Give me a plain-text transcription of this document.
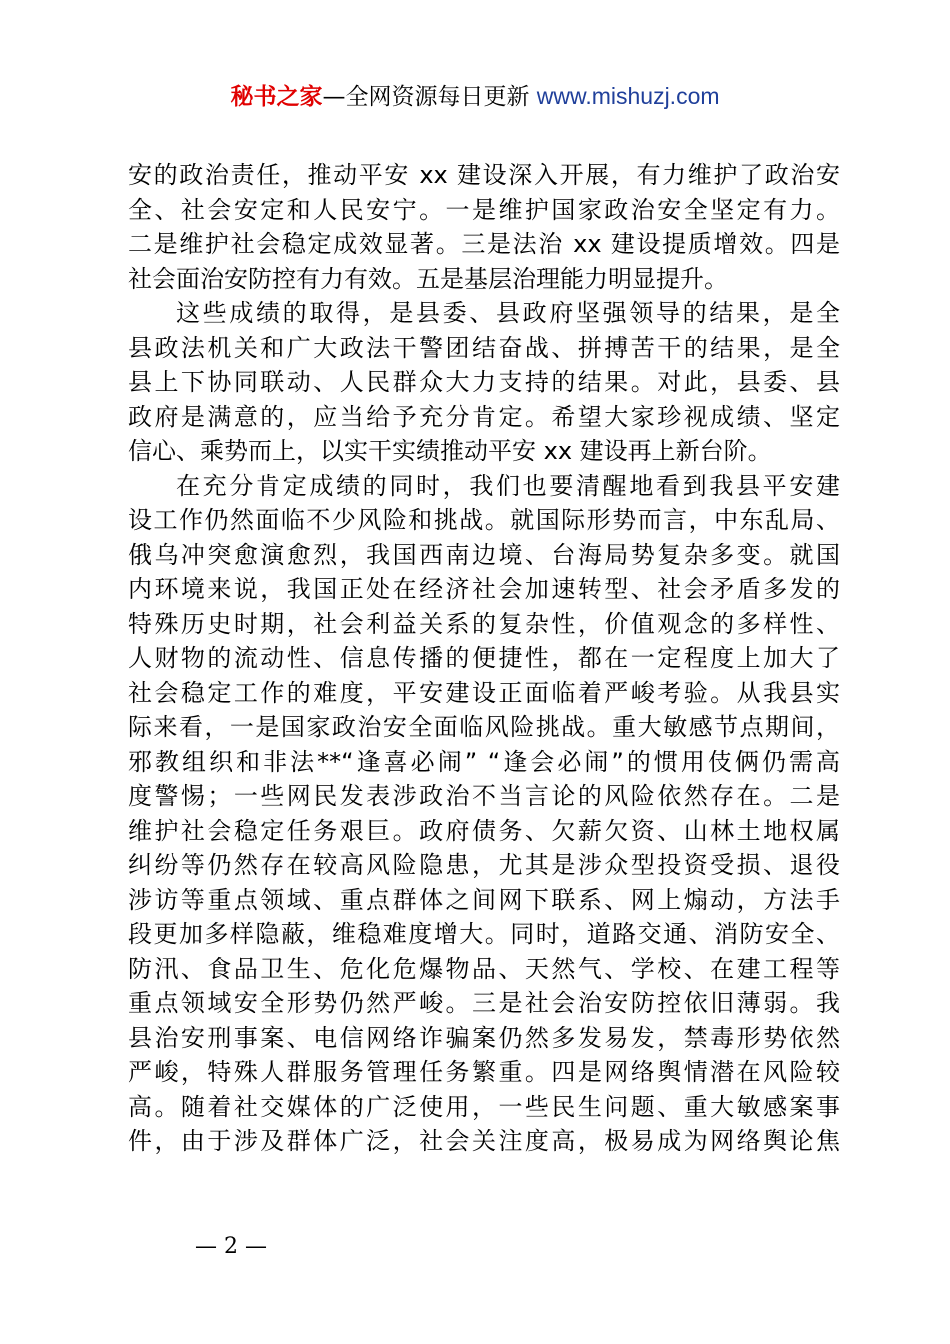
秘书之家—全网资源每日更新 www.mishuzj.com
安的政治责任，推动平安 xx 建设深入开展，有力维护了政治安
全、社会安定和人民安宁。一是维护国家政治安全坚定有力。
二是维护社会稳定成效显著。三是法治 xx 建设提质增效。四是
社会面治安防控有力有效。五是基层治理能力明显提升。
这些成绩的取得，是县委、县政府坚强领导的结果，是全
县政法机关和广大政法干警团结奋战、拼搏苦干的结果，是全
县上下协同联动、人民群众大力支持的结果。对此，县委、县
政府是满意的，应当给予充分肯定。希望大家珍视成绩、坚定
信心、乘势而上，以实干实绩推动平安 xx 建设再上新台阶。
在充分肯定成绩的同时，我们也要清醒地看到我县平安建
设工作仍然面临不少风险和挑战。就国际形势而言，中东乱局、
俄乌冲突愈演愈烈，我国西南边境、台海局势复杂多变。就国
内环境来说，我国正处在经济社会加速转型、社会矛盾多发的
特殊历史时期，社会利益关系的复杂性，价值观念的多样性、
人财物的流动性、信息传播的便捷性，都在一定程度上加大了
社会稳定工作的难度，平安建设正面临着严峻考验。从我县实
际来看，一是国家政治安全面临风险挑战。重大敏感节点期间，
邪教组织和非法**“逢喜必闹” “逢会必闹”的惯用伎俩仍需高
度警惕；一些网民发表涉政治不当言论的风险依然存在。二是
维护社会稳定任务艰巨。政府债务、欠薪欠资、山林土地权属
纠纷等仍然存在较高风险隐患，尤其是涉众型投资受损、退役
涉访等重点领域、重点群体之间网下联系、网上煽动，方法手
段更加多样隐蔽，维稳难度增大。同时，道路交通、消防安全、
防汛、食品卫生、危化危爆物品、天然气、学校、在建工程等
重点领域安全形势仍然严峻。三是社会治安防控依旧薄弱。我
县治安刑事案、电信网络诈骗案仍然多发易发，禁毒形势依然
严峻，特殊人群服务管理任务繁重。四是网络舆情潜在风险较
高。随着社交媒体的广泛使用，一些民生问题、重大敏感案事
件，由于涉及群体广泛，社会关注度高，极易成为网络舆论焦
— 2 —
